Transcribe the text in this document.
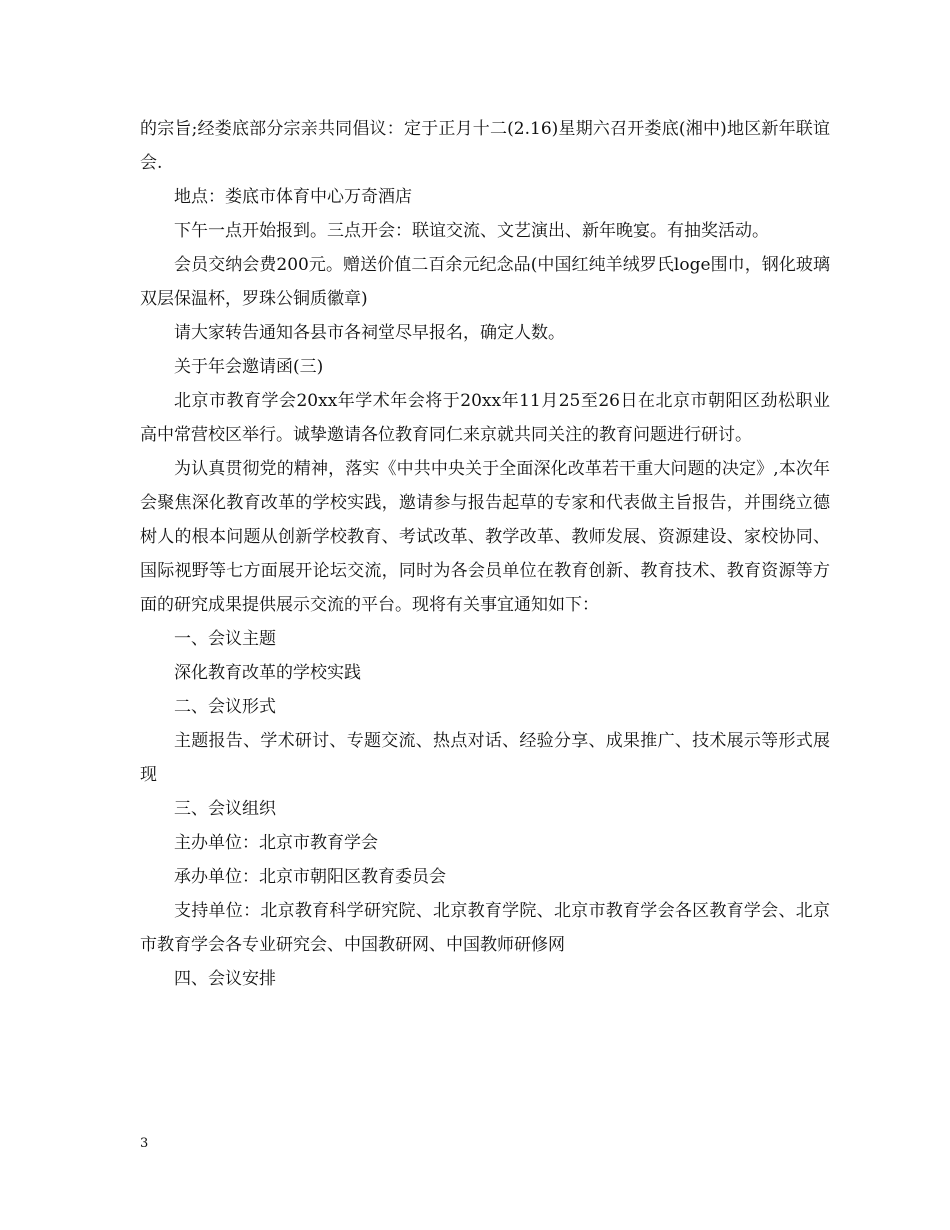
的宗旨;经娄底部分宗亲共同倡议：定于正月十二(2.16)星期六召开娄底(湘中)地区新年联谊会.

地点：娄底市体育中心万奇酒店

下午一点开始报到。三点开会：联谊交流、文艺演出、新年晚宴。有抽奖活动。

会员交纳会费200元。赠送价值二百余元纪念品(中国红纯羊绒罗氏loge围巾，钢化玻璃双层保温杯，罗珠公铜质徽章)

请大家转告通知各县市各祠堂尽早报名，确定人数。

关于年会邀请函(三)

北京市教育学会20xx年学术年会将于20xx年11月25至26日在北京市朝阳区劲松职业高中常营校区举行。诚挚邀请各位教育同仁来京就共同关注的教育问题进行研讨。

为认真贯彻党的精神，落实《中共中央关于全面深化改革若干重大问题的决定》,本次年会聚焦深化教育改革的学校实践，邀请参与报告起草的专家和代表做主旨报告，并围绕立德树人的根本问题从创新学校教育、考试改革、教学改革、教师发展、资源建设、家校协同、国际视野等七方面展开论坛交流，同时为各会员单位在教育创新、教育技术、教育资源等方面的研究成果提供展示交流的平台。现将有关事宜通知如下：

一、会议主题

深化教育改革的学校实践

二、会议形式

主题报告、学术研讨、专题交流、热点对话、经验分享、成果推广、技术展示等形式展现

三、会议组织

主办单位：北京市教育学会

承办单位：北京市朝阳区教育委员会

支持单位：北京教育科学研究院、北京教育学院、北京市教育学会各区教育学会、北京市教育学会各专业研究会、中国教研网、中国教师研修网

四、会议安排

3
